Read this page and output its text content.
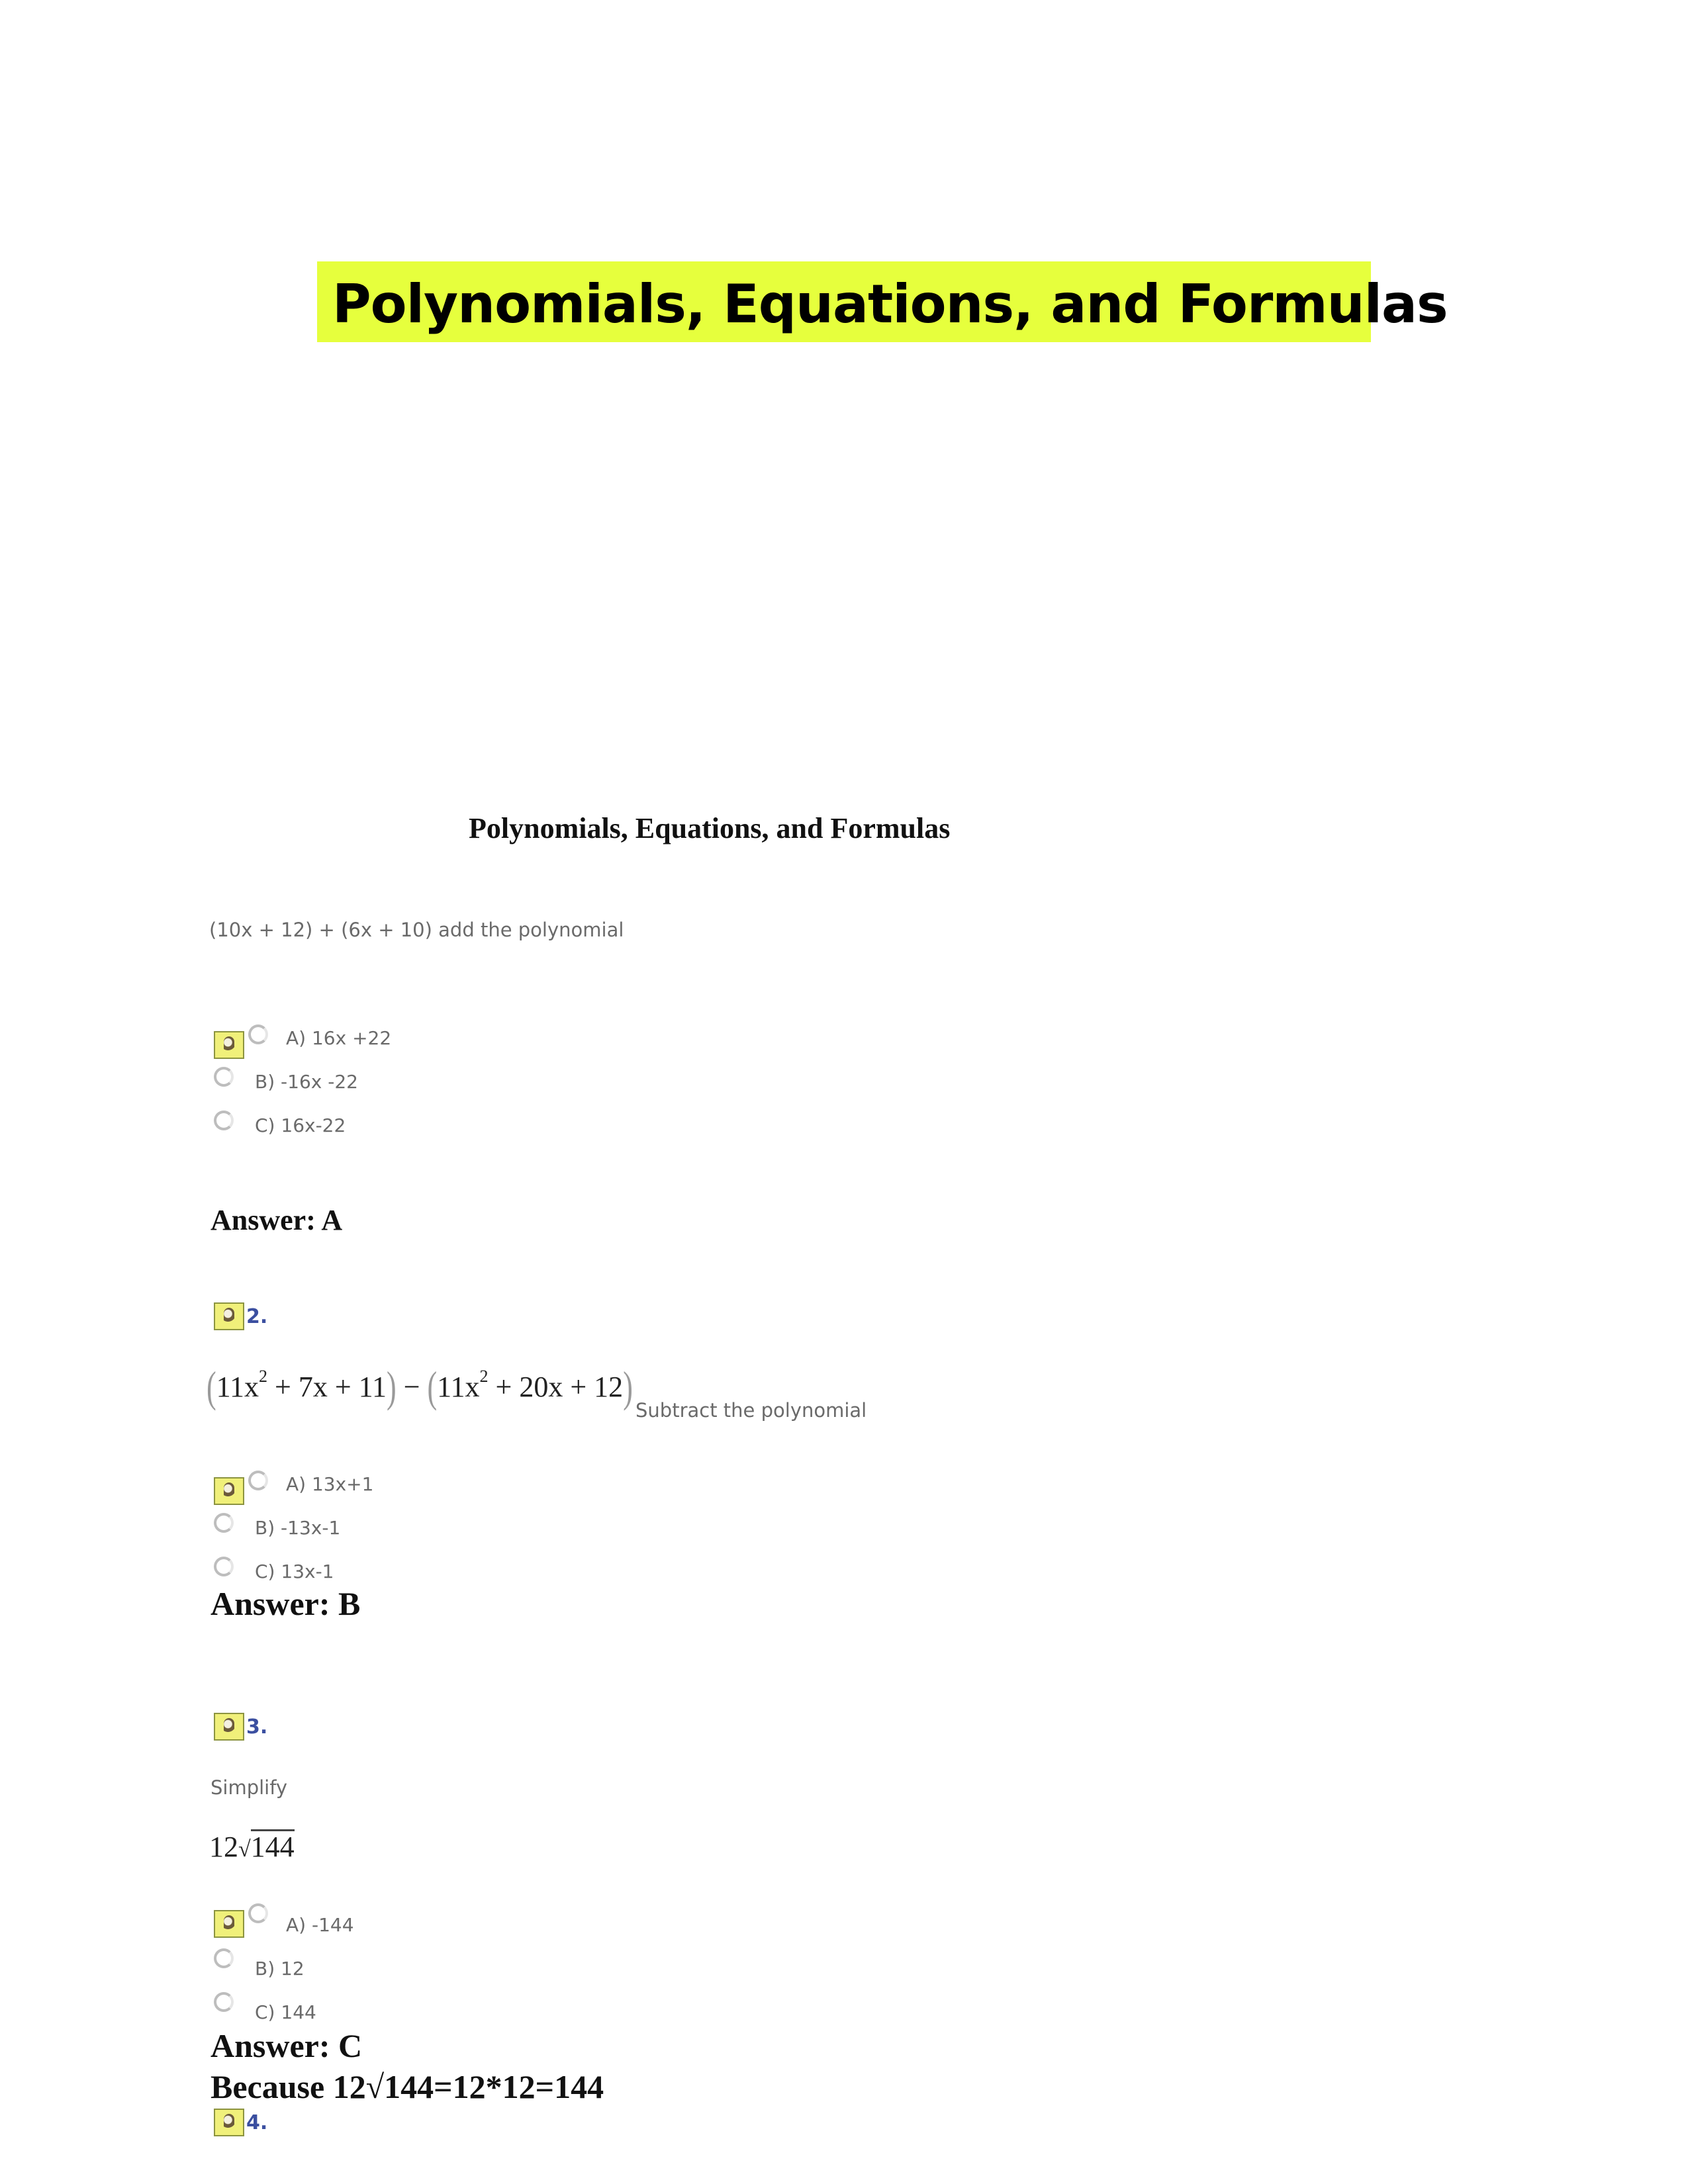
Polynomials, Equations, and Formulas
Polynomials, Equations, and Formulas
(10x + 12) + (6x + 10) add the polynomial
A) 16x +22
B) -16x -22
C) 16x-22
Answer: A
2.
$(11x^2 + 7x + 11) - (11x^2 + 20x + 12)$ Subtract the polynomial
A) 13x+1
B) -13x-1
C) 13x-1
Answer: B
3.
Simplify
12√144
A) -144
B) 12
C) 144
Answer: C
Because 12√144=12*12=144
4.
